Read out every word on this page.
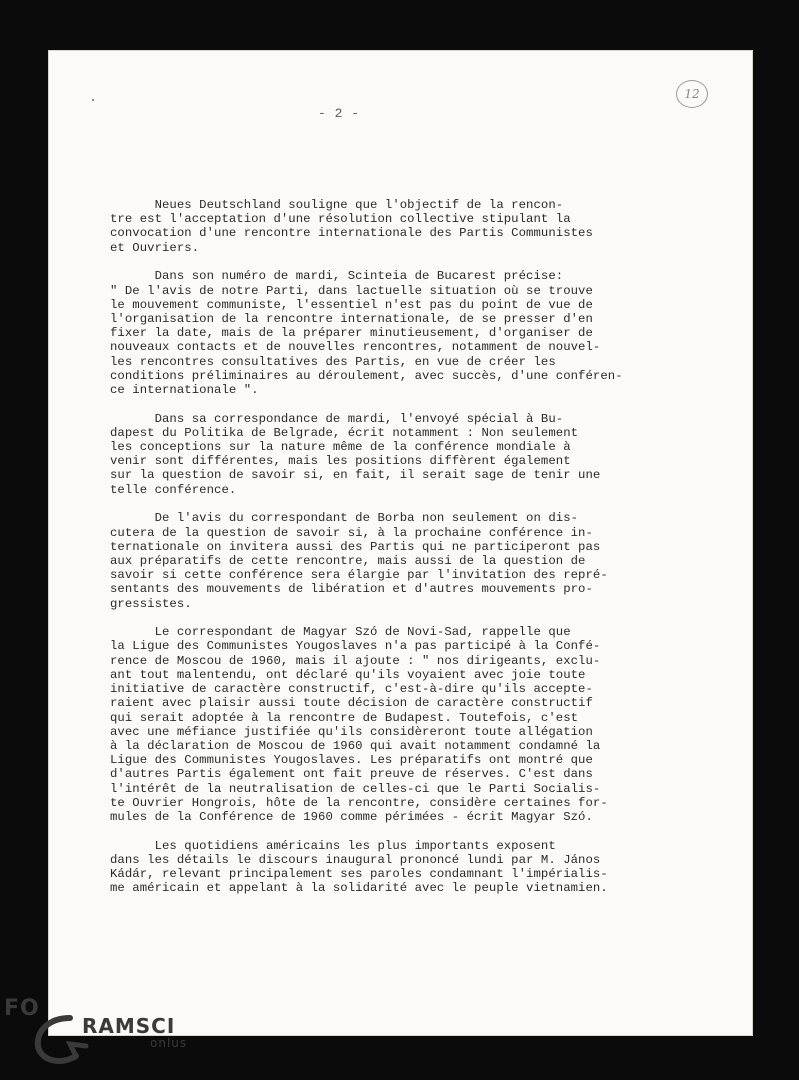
- 2 -
12
Neues Deutschland souligne que l'objectif de la rencon-
tre est l'acceptation d'une résolution collective stipulant la
convocation d'une rencontre internationale des Partis Communistes
et Ouvriers.
Dans son numéro de mardi, Scinteia de Bucarest précise:
" De l'avis de notre Parti, dans lactuelle situation où se trouve
le mouvement communiste, l'essentiel n'est pas du point de vue de
l'organisation de la rencontre internationale, de se presser d'en
fixer la date, mais de la préparer minutieusement, d'organiser de
nouveaux contacts et de nouvelles rencontres, notamment de nouvel-
les rencontres consultatives des Partis, en vue de créer les
conditions préliminaires au déroulement, avec succès, d'une conféren-
ce internationale ".
Dans sa correspondance de mardi, l'envoyé spécial à Bu-
dapest du Politika de Belgrade, écrit notamment : Non seulement
les conceptions sur la nature même de la conférence mondiale à
venir sont différentes, mais les positions diffèrent également
sur la question de savoir si, en fait, il serait sage de tenir une
telle conférence.
De l'avis du correspondant de Borba non seulement on dis-
cutera de la question de savoir si, à la prochaine conférence in-
ternationale on invitera aussi des Partis qui ne participeront pas
aux préparatifs de cette rencontre, mais aussi de la question de
savoir si cette conférence sera élargie par l'invitation des repré-
sentants des mouvements de libération et d'autres mouvements pro-
gressistes.
Le correspondant de Magyar Szó de Novi-Sad, rappelle que
la Ligue des Communistes Yougoslaves n'a pas participé à la Confé-
rence de Moscou de 1960, mais il ajoute : " nos dirigeants, exclu-
ant tout malentendu, ont déclaré qu'ils voyaient avec joie toute
initiative de caractère constructif, c'est-à-dire qu'ils accepte-
raient avec plaisir aussi toute décision de caractère constructif
qui serait adoptée à la rencontre de Budapest. Toutefois, c'est
avec une méfiance justifiée qu'ils considèreront toute allégation
à la déclaration de Moscou de 1960 qui avait notamment condamné la
Ligue des Communistes Yougoslaves. Les préparatifs ont montré que
d'autres Partis également ont fait preuve de réserves. C'est dans
l'intérêt de la neutralisation de celles-ci que le Parti Socialis-
te Ouvrier Hongrois, hôte de la rencontre, considère certaines for-
mules de la Conférence de 1960 comme périmées - écrit Magyar Szó.
Les quotidiens américains les plus importants exposent
dans les détails le discours inaugural prononcé lundi par M. János
Kádár, relevant principalement ses paroles condamnant l'impérialis-
me américain et appelant à la solidarité avec le peuple vietnamien.
FO
RAMSCI
onlus
